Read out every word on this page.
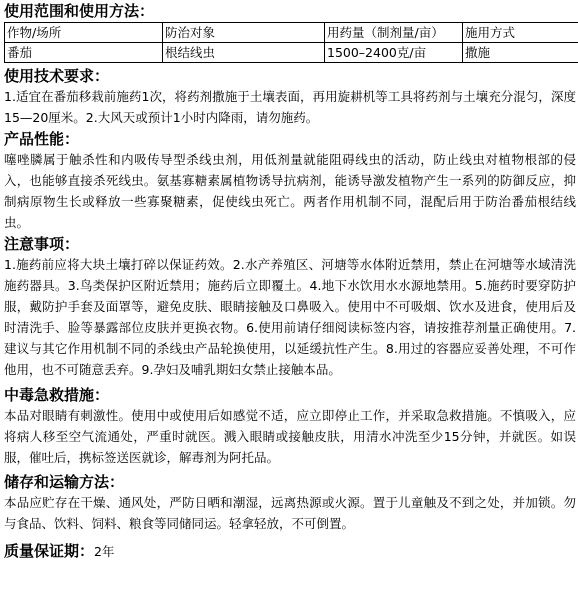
使用范围和使用方法：
作物/场所	防治对象	用药量（制剂量/亩）	施用方式
番茄	根结线虫	1500–2400克/亩	撒施
使用技术要求：

1.适宜在番茄移栽前施药1次，将药剂撒施于土壤表面，再用旋耕机等工具将药剂与土壤充分混匀，深度15—20厘米。2.大风天或预计1小时内降雨，请勿施药。

产品性能：

噻唑膦属于触杀性和内吸传导型杀线虫剂，用低剂量就能阻碍线虫的活动，防止线虫对植物根部的侵入，也能够直接杀死线虫。氨基寡糖素属植物诱导抗病剂，能诱导激发植物产生一系列的防御反应，抑制病原物生长或释放一些寡聚糖素，促使线虫死亡。两者作用机制不同，混配后用于防治番茄根结线虫。

注意事项：

1.施药前应将大块土壤打碎以保证药效。2.水产养殖区、河塘等水体附近禁用，禁止在河塘等水域清洗施药器具。3.鸟类保护区附近禁用；施药后立即覆土。4.地下水饮用水水源地禁用。5.施药时要穿防护服，戴防护手套及面罩等，避免皮肤、眼睛接触及口鼻吸入。使用中不可吸烟、饮水及进食，使用后及时清洗手、脸等暴露部位皮肤并更换衣物。6.使用前请仔细阅读标签内容，请按推荐剂量正确使用。7.建议与其它作用机制不同的杀线虫产品轮换使用，以延缓抗性产生。8.用过的容器应妥善处理，不可作他用，也不可随意丢弃。9.孕妇及哺乳期妇女禁止接触本品。

中毒急救措施：

本品对眼睛有刺激性。使用中或使用后如感觉不适，应立即停止工作，并采取急救措施。不慎吸入，应将病人移至空气流通处，严重时就医。溅入眼睛或接触皮肤，用清水冲洗至少15分钟，并就医。如误服，催吐后，携标签送医就诊，解毒剂为阿托品。

储存和运输方法：

本品应贮存在干燥、通风处，严防日晒和潮湿，远离热源或火源。置于儿童触及不到之处，并加锁。勿与食品、饮料、饲料、粮食等同储同运。轻拿轻放，不可倒置。

质量保证期：2年
